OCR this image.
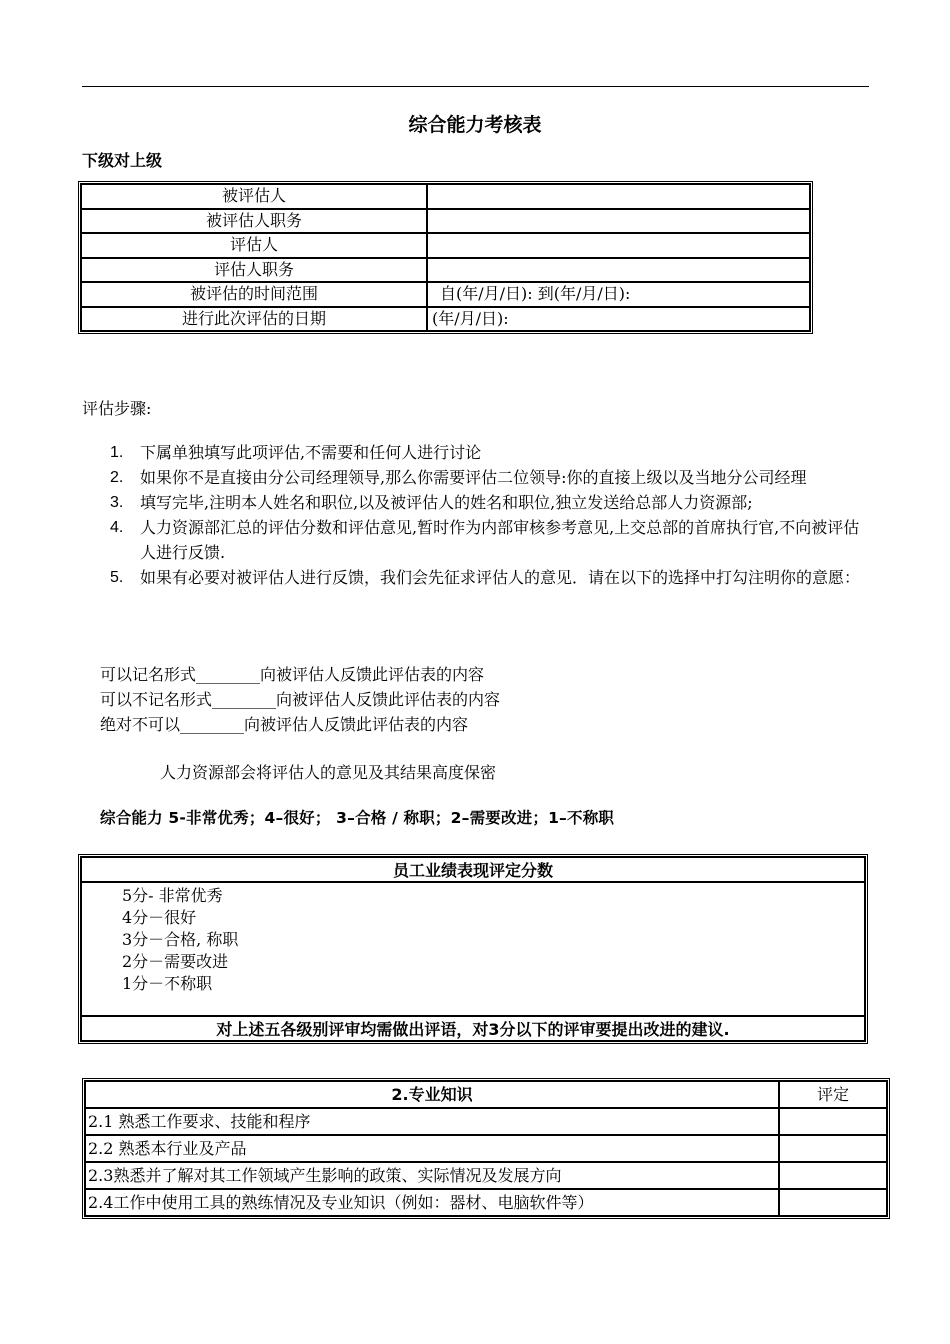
综合能力考核表
下级对上级
被评估人	
被评估人职务	
评估人	
评估人职务	
被评估的时间范围	自(年/月/日): 到(年/月/日):
进行此次评估的日期	(年/月/日):
评估步骤:
1. 下属单独填写此项评估,不需要和任何人进行讨论
2. 如果你不是直接由分公司经理领导,那么你需要评估二位领导:你的直接上级以及当地分公司经理
3. 填写完毕,注明本人姓名和职位,以及被评估人的姓名和职位,独立发送给总部人力资源部;
4. 人力资源部汇总的评估分数和评估意见,暂时作为内部审核参考意见,上交总部的首席执行官,不向被评估人进行反馈.
5. 如果有必要对被评估人进行反馈，我们会先征求评估人的意见．请在以下的选择中打勾注明你的意愿：
可以记名形式________向被评估人反馈此评估表的内容
可以不记名形式________向被评估人反馈此评估表的内容
绝对不可以________向被评估人反馈此评估表的内容
人力资源部会将评估人的意见及其结果高度保密
综合能力 5-非常优秀；4–很好； 3–合格 / 称职；2–需要改进；1–不称职
员工业绩表现评定分数

5分- 非常优秀
4分－很好
3分－合格, 称职
2分－需要改进
1分－不称职

对上述五各级别评审均需做出评语，对3分以下的评审要提出改进的建议.
2.专业知识	评定
2.1 熟悉工作要求、技能和程序	
2.2 熟悉本行业及产品	
2.3熟悉并了解对其工作领域产生影响的政策、实际情况及发展方向	
2.4工作中使用工具的熟练情况及专业知识（例如：器材、电脑软件等）	
